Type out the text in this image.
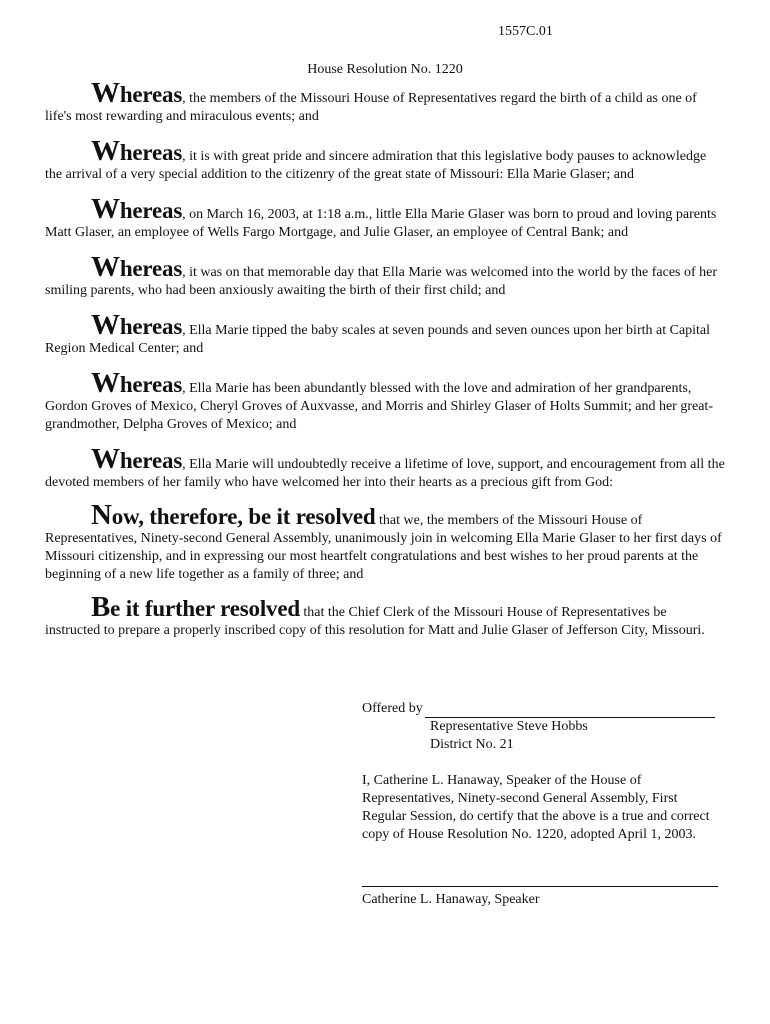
1557C.01
House Resolution No. 1220

Whereas, the members of the Missouri House of Representatives regard the birth of a child as one of life's most rewarding and miraculous events; and

Whereas, it is with great pride and sincere admiration that this legislative body pauses to acknowledge the arrival of a very special addition to the citizenry of the great state of Missouri: Ella Marie Glaser; and

Whereas, on March 16, 2003, at 1:18 a.m., little Ella Marie Glaser was born to proud and loving parents Matt Glaser, an employee of Wells Fargo Mortgage, and Julie Glaser, an employee of Central Bank; and

Whereas, it was on that memorable day that Ella Marie was welcomed into the world by the faces of her smiling parents, who had been anxiously awaiting the birth of their first child; and

Whereas, Ella Marie tipped the baby scales at seven pounds and seven ounces upon her birth at Capital Region Medical Center; and

Whereas, Ella Marie has been abundantly blessed with the love and admiration of her grandparents, Gordon Groves of Mexico, Cheryl Groves of Auxvasse, and Morris and Shirley Glaser of Holts Summit; and her great-grandmother, Delpha Groves of Mexico; and

Whereas, Ella Marie will undoubtedly receive a lifetime of love, support, and encouragement from all the devoted members of her family who have welcomed her into their hearts as a precious gift from God:

Now, therefore, be it resolved that we, the members of the Missouri House of Representatives, Ninety-second General Assembly, unanimously join in welcoming Ella Marie Glaser to her first days of Missouri citizenship, and in expressing our most heartfelt congratulations and best wishes to her proud parents at the beginning of a new life together as a family of three; and

Be it further resolved that the Chief Clerk of the Missouri House of Representatives be instructed to prepare a properly inscribed copy of this resolution for Matt and Julie Glaser of Jefferson City, Missouri.

Offered by
Representative Steve Hobbs
District No. 21
I, Catherine L. Hanaway, Speaker of the House of Representatives, Ninety-second General Assembly, First Regular Session, do certify that the above is a true and correct copy of House Resolution No. 1220, adopted April 1, 2003.
Catherine L. Hanaway, Speaker
